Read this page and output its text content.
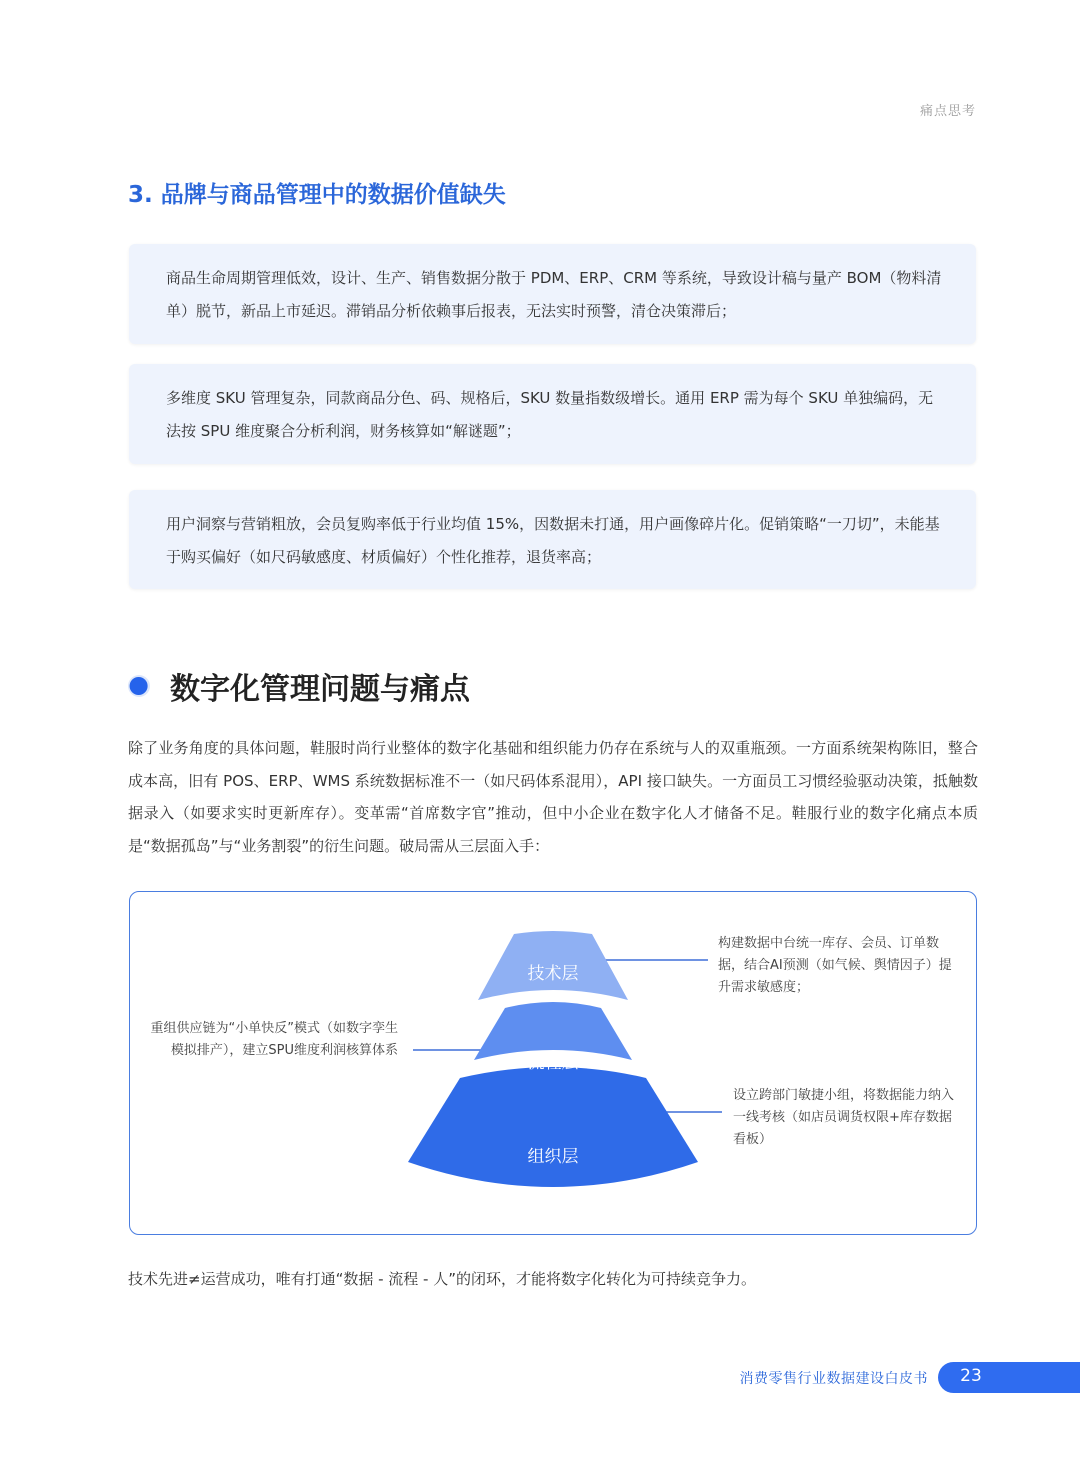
痛点思考
3. 品牌与商品管理中的数据价值缺失
商品生命周期管理低效，设计、生产、销售数据分散于 PDM、ERP、CRM 等系统，导致设计稿与量产 BOM（物料清单）脱节，新品上市延迟。滞销品分析依赖事后报表，无法实时预警，清仓决策滞后；
多维度 SKU 管理复杂，同款商品分色、码、规格后，SKU 数量指数级增长。通用 ERP 需为每个 SKU 单独编码，无法按 SPU 维度聚合分析利润，财务核算如“解谜题”；
用户洞察与营销粗放，会员复购率低于行业均值 15%，因数据未打通，用户画像碎片化。促销策略“一刀切”，未能基于购买偏好（如尺码敏感度、材质偏好）个性化推荐，退货率高；
数字化管理问题与痛点
除了业务角度的具体问题，鞋服时尚行业整体的数字化基础和组织能力仍存在系统与人的双重瓶颈。一方面系统架构陈旧，整合成本高，旧有 POS、ERP、WMS 系统数据标准不一（如尺码体系混用），API 接口缺失。一方面员工习惯经验驱动决策，抵触数据录入（如要求实时更新库存）。变革需“首席数字官”推动，但中小企业在数字化人才储备不足。鞋服行业的数字化痛点本质是“数据孤岛”与“业务割裂”的衍生问题。破局需从三层面入手：
技术层
流程层
组织层
构建数据中台统一库存、会员、订单数据，结合AI预测（如气候、舆情因子）提升需求敏感度；
重组供应链为“小单快反”模式（如数字孪生模拟排产），建立SPU维度利润核算体系
设立跨部门敏捷小组，将数据能力纳入一线考核（如店员调货权限+库存数据看板）
技术先进≠运营成功，唯有打通“数据 - 流程 - 人”的闭环，才能将数字化转化为可持续竞争力。
消费零售行业数据建设白皮书 23
